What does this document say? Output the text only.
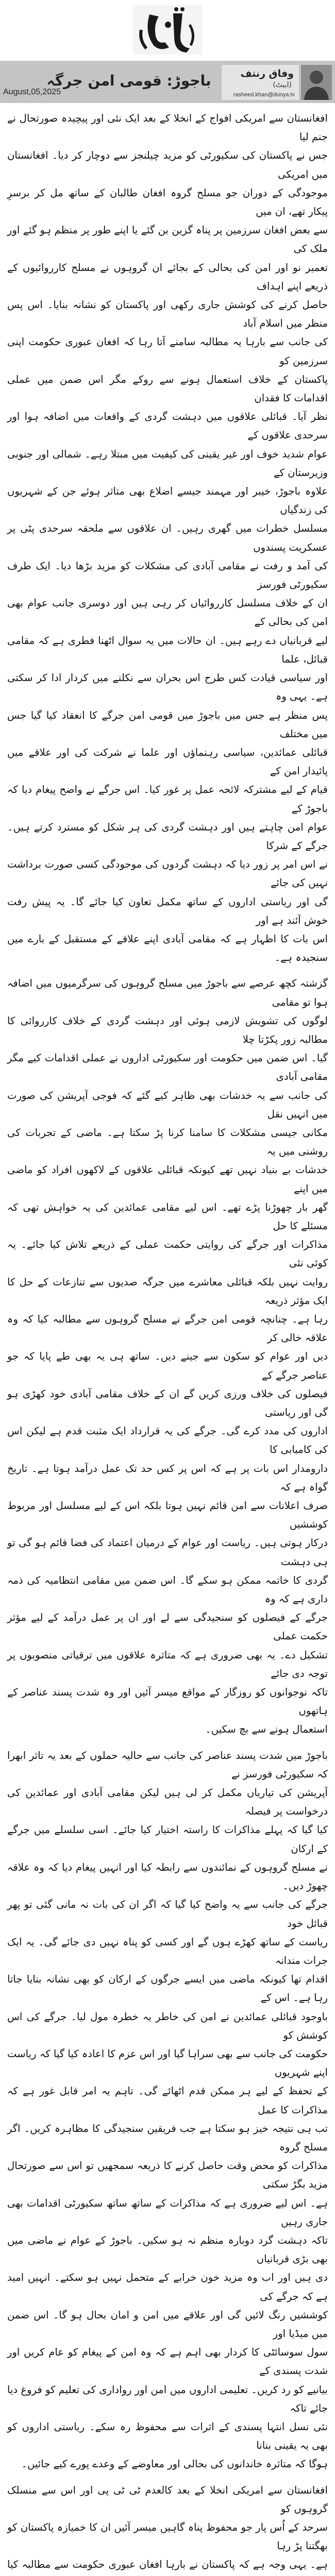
باجوڑ: قومی امن جرگہ
August,05,2025
وفاق رنتف
(ایبٹ)
rasheed.khan@dunya.tv

افغانستان سے امریکی افواج کے انخلا کے بعد ایک نئی اور پیچیدہ صورتحال نے جنم لیا
جس نے پاکستان کی سکیورٹی کو مزید چیلنجز سے دوچار کر دیا۔ افغانستان میں امریکی
موجودگی کے دوران جو مسلح گروہ افغان طالبان کے ساتھ مل کر برسرِ پیکار تھے، ان میں
سے بعض افغان سرزمین پر پناہ گزین بن گئے یا اپنے طور پر منظم ہو گئے اور ملک کی
تعمیر نو اور امن کی بحالی کے بجائے ان گروہوں نے مسلح کارروائیوں کے ذریعے اپنے اہداف
حاصل کرنے کی کوشش جاری رکھی اور پاکستان کو نشانہ بنایا۔ اس پس منظر میں اسلام آباد
کی جانب سے بارہا یہ مطالبہ سامنے آتا رہا کہ افغان عبوری حکومت اپنی سرزمین کو
پاکستان کے خلاف استعمال ہونے سے روکے مگر اس ضمن میں عملی اقدامات کا فقدان
نظر آیا۔ قبائلی علاقوں میں دہشت گردی کے واقعات میں اضافہ ہوا اور سرحدی علاقوں کے
عوام شدید خوف اور غیر یقینی کی کیفیت میں مبتلا رہے۔ شمالی اور جنوبی وزیرستان کے
علاوہ باجوڑ، خیبر اور مہمند جیسے اضلاع بھی متاثر ہوئے جن کے شہریوں کی زندگیاں
مسلسل خطرات میں گھری رہیں۔ ان علاقوں سے ملحقہ سرحدی پٹی پر عسکریت پسندوں
کی آمد و رفت نے مقامی آبادی کی مشکلات کو مزید بڑھا دیا۔ ایک طرف سکیورٹی فورسز
ان کے خلاف مسلسل کارروائیاں کر رہی ہیں اور دوسری جانب عوام بھی امن کی بحالی کے
لیے قربانیاں دے رہے ہیں۔ ان حالات میں یہ سوال اٹھنا فطری ہے کہ مقامی قبائل، علما
اور سیاسی قیادت کس طرح اس بحران سے نکلنے میں کردار ادا کر سکتی ہے۔ یہی وہ
پس منظر ہے جس میں باجوڑ میں قومی امن جرگے کا انعقاد کیا گیا جس میں مختلف
قبائلی عمائدین، سیاسی رہنماؤں اور علما نے شرکت کی اور علاقے میں پائیدار امن کے
قیام کے لیے مشترکہ لائحہ عمل پر غور کیا۔ اس جرگے نے واضح پیغام دیا کہ باجوڑ کے
عوام امن چاہتے ہیں اور دہشت گردی کی ہر شکل کو مسترد کرتے ہیں۔ جرگے کے شرکا
نے اس امر پر زور دیا کہ دہشت گردوں کی موجودگی کسی صورت برداشت نہیں کی جائے
گی اور ریاستی اداروں کے ساتھ مکمل تعاون کیا جائے گا۔ یہ پیش رفت خوش آئند ہے اور
اس بات کا اظہار ہے کہ مقامی آبادی اپنے علاقے کے مستقبل کے بارے میں سنجیدہ ہے۔

گزشتہ کچھ عرصے سے باجوڑ میں مسلح گروہوں کی سرگرمیوں میں اضافہ ہوا تو مقامی
لوگوں کی تشویش لازمی ہوئی اور دہشت گردی کے خلاف کارروائی کا مطالبہ زور پکڑتا چلا
گیا۔ اس ضمن میں حکومت اور سکیورٹی اداروں نے عملی اقدامات کیے مگر مقامی آبادی
کی جانب سے یہ خدشات بھی ظاہر کیے گئے کہ فوجی آپریشن کی صورت میں انہیں نقل
مکانی جیسی مشکلات کا سامنا کرنا پڑ سکتا ہے۔ ماضی کے تجربات کی روشنی میں یہ
خدشات بے بنیاد نہیں تھے کیونکہ قبائلی علاقوں کے لاکھوں افراد کو ماضی میں اپنے
گھر بار چھوڑنا پڑے تھے۔ اس لیے مقامی عمائدین کی یہ خواہش تھی کہ مسئلے کا حل
مذاکرات اور جرگے کی روایتی حکمت عملی کے ذریعے تلاش کیا جائے۔ یہ کوئی نئی
روایت نہیں بلکہ قبائلی معاشرے میں جرگہ صدیوں سے تنازعات کے حل کا ایک مؤثر ذریعہ
رہا ہے۔ چنانچہ قومی امن جرگے نے مسلح گروہوں سے مطالبہ کیا کہ وہ علاقہ خالی کر
دیں اور عوام کو سکون سے جینے دیں۔ ساتھ ہی یہ بھی طے پایا کہ جو عناصر جرگے کے
فیصلوں کی خلاف ورزی کریں گے ان کے خلاف مقامی آبادی خود کھڑی ہو گی اور ریاستی
اداروں کی مدد کرے گی۔ جرگے کی یہ قرارداد ایک مثبت قدم ہے لیکن اس کی کامیابی کا
دارومدار اس بات پر ہے کہ اس پر کس حد تک عمل درآمد ہوتا ہے۔ تاریخ گواہ ہے کہ
صرف اعلانات سے امن قائم نہیں ہوتا بلکہ اس کے لیے مسلسل اور مربوط کوششیں
درکار ہوتی ہیں۔ ریاست اور عوام کے درمیان اعتماد کی فضا قائم ہو گی تو ہی دہشت
گردی کا خاتمہ ممکن ہو سکے گا۔ اس ضمن میں مقامی انتظامیہ کی ذمہ داری ہے کہ وہ
جرگے کے فیصلوں کو سنجیدگی سے لے اور ان پر عمل درآمد کے لیے مؤثر حکمت عملی
تشکیل دے۔ یہ بھی ضروری ہے کہ متاثرہ علاقوں میں ترقیاتی منصوبوں پر توجہ دی جائے
تاکہ نوجوانوں کو روزگار کے مواقع میسر آئیں اور وہ شدت پسند عناصر کے ہاتھوں
استعمال ہونے سے بچ سکیں۔

باجوڑ میں شدت پسند عناصر کی جانب سے حالیہ حملوں کے بعد یہ تاثر ابھرا کہ سکیورٹی فورسز نے
آپریشن کی تیاریاں مکمل کر لی ہیں لیکن مقامی آبادی اور عمائدین کی درخواست پر فیصلہ
کیا گیا کہ پہلے مذاکرات کا راستہ اختیار کیا جائے۔ اسی سلسلے میں جرگے کے ارکان
نے مسلح گروہوں کے نمائندوں سے رابطہ کیا اور انہیں پیغام دیا کہ وہ علاقہ چھوڑ دیں۔
جرگے کی جانب سے یہ واضح کیا گیا کہ اگر ان کی بات نہ مانی گئی تو پھر قبائل خود
ریاست کے ساتھ کھڑے ہوں گے اور کسی کو پناہ نہیں دی جائے گی۔ یہ ایک جرات مندانہ
اقدام تھا کیونکہ ماضی میں ایسے جرگوں کے ارکان کو بھی نشانہ بنایا جاتا رہا ہے۔ اس کے
باوجود قبائلی عمائدین نے امن کی خاطر یہ خطرہ مول لیا۔ جرگے کی اس کوشش کو
حکومت کی جانب سے بھی سراہا گیا اور اس عزم کا اعادہ کیا گیا کہ ریاست اپنے شہریوں
کے تحفظ کے لیے ہر ممکن قدم اٹھائے گی۔ تاہم یہ امر قابل غور ہے کہ مذاکرات کا عمل
تب ہی نتیجہ خیز ہو سکتا ہے جب فریقین سنجیدگی کا مظاہرہ کریں۔ اگر مسلح گروہ
مذاکرات کو محض وقت حاصل کرنے کا ذریعہ سمجھیں تو اس سے صورتحال مزید بگڑ سکتی
ہے۔ اس لیے ضروری ہے کہ مذاکرات کے ساتھ ساتھ سکیورٹی اقدامات بھی جاری رہیں
تاکہ دہشت گرد دوبارہ منظم نہ ہو سکیں۔ باجوڑ کے عوام نے ماضی میں بھی بڑی قربانیاں
دی ہیں اور اب وہ مزید خون خرابے کے متحمل نہیں ہو سکتے۔ انہیں امید ہے کہ جرگے کی
کوششیں رنگ لائیں گی اور علاقے میں امن و امان بحال ہو گا۔ اس ضمن میں میڈیا اور
سول سوسائٹی کا کردار بھی اہم ہے کہ وہ امن کے پیغام کو عام کریں اور شدت پسندی کے
بیانیے کو رد کریں۔ تعلیمی اداروں میں امن اور رواداری کی تعلیم کو فروغ دیا جائے تاکہ
نئی نسل انتہا پسندی کے اثرات سے محفوظ رہ سکے۔ ریاستی اداروں کو بھی یہ یقینی بنانا
ہوگا کہ متاثرہ خاندانوں کی بحالی اور معاوضے کے وعدے پورے کیے جائیں۔

افغانستان سے امریکی انخلا کے بعد کالعدم ٹی ٹی پی اور اس سے منسلک گروہوں کو
سرحد کے اُس پار جو محفوظ پناہ گاہیں میسر آئیں ان کا خمیازہ پاکستان کو بھگتنا پڑ رہا
ہے۔ یہی وجہ ہے کہ پاکستان نے بارہا افغان عبوری حکومت سے مطالبہ کیا
